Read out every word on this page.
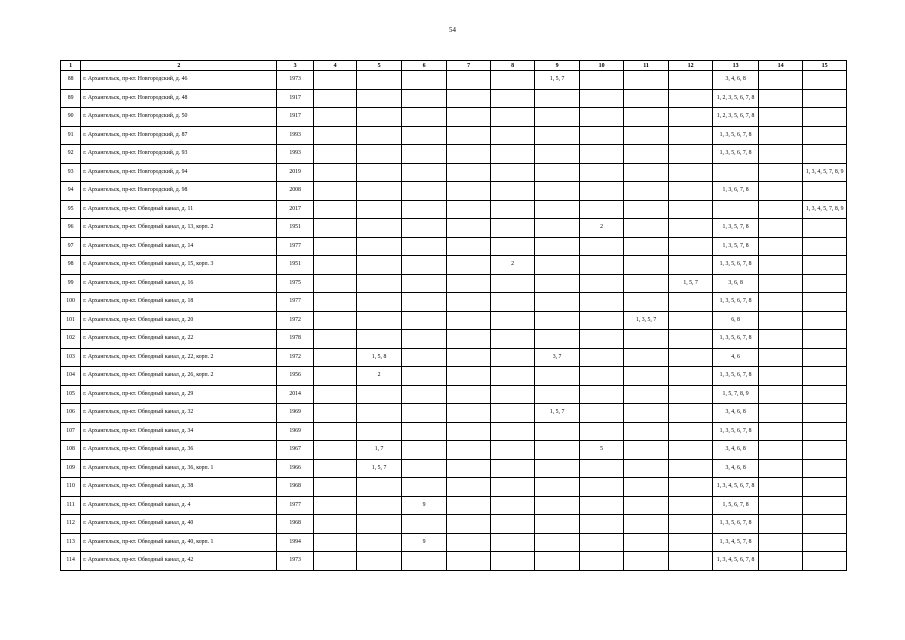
54
1	2	3	4	5	6	7	8	9	10	11	12	13	14	15
88	г. Архангельск, пр-кт. Новгородский, д. 46	1973						1, 5, 7				3, 4, 6, 8		
89	г. Архангельск, пр-кт. Новгородский, д. 48	1917										1, 2, 3, 5, 6, 7, 8		
90	г. Архангельск, пр-кт. Новгородский, д. 50	1917										1, 2, 3, 5, 6, 7, 8		
91	г. Архангельск, пр-кт. Новгородский, д. 87	1993										1, 3, 5, 6, 7, 8		
92	г. Архангельск, пр-кт. Новгородский, д. 93	1993										1, 3, 5, 6, 7, 8		
93	г. Архангельск, пр-кт. Новгородский, д. 94	2019												1, 3, 4, 5, 7, 8, 9
94	г. Архангельск, пр-кт. Новгородский, д. 98	2008										1, 3, 6, 7, 8		
95	г. Архангельск, пр-кт. Обводный канал, д. 11	2017												1, 3, 4, 5, 7, 8, 9
96	г. Архангельск, пр-кт. Обводный канал, д. 13, корп. 2	1951							2			1, 3, 5, 7, 8		
97	г. Архангельск, пр-кт. Обводный канал, д. 14	1977										1, 3, 5, 7, 8		
98	г. Архангельск, пр-кт. Обводный канал, д. 15, корп. 3	1951					2					1, 3, 5, 6, 7, 8		
99	г. Архангельск, пр-кт. Обводный канал, д. 16	1975									1, 5, 7	3, 6, 8		
100	г. Архангельск, пр-кт. Обводный канал, д. 18	1977										1, 3, 5, 6, 7, 8		
101	г. Архангельск, пр-кт. Обводный канал, д. 20	1972								1, 3, 5, 7		6, 8		
102	г. Архангельск, пр-кт. Обводный канал, д. 22	1978										1, 3, 5, 6, 7, 8		
103	г. Архангельск, пр-кт. Обводный канал, д. 22, корп. 2	1972		1, 5, 8				3, 7				4, 6		
104	г. Архангельск, пр-кт. Обводный канал, д. 26, корп. 2	1956		2								1, 3, 5, 6, 7, 8		
105	г. Архангельск, пр-кт. Обводный канал, д. 29	2014										1, 5, 7, 8, 9		
106	г. Архангельск, пр-кт. Обводный канал, д. 32	1969						1, 5, 7				3, 4, 6, 8		
107	г. Архангельск, пр-кт. Обводный канал, д. 34	1969										1, 3, 5, 6, 7, 8		
108	г. Архангельск, пр-кт. Обводный канал, д. 36	1967		1, 7					5			3, 4, 6, 8		
109	г. Архангельск, пр-кт. Обводный канал, д. 36, корп. 1	1966		1, 5, 7								3, 4, 6, 8		
110	г. Архангельск, пр-кт. Обводный канал, д. 38	1968										1, 3, 4, 5, 6, 7, 8		
111	г. Архангельск, пр-кт. Обводный канал, д. 4	1977			9							1, 5, 6, 7, 8		
112	г. Архангельск, пр-кт. Обводный канал, д. 40	1968										1, 3, 5, 6, 7, 8		
113	г. Архангельск, пр-кт. Обводный канал, д. 40, корп. 1	1994			9							1, 3, 4, 5, 7, 8		
114	г. Архангельск, пр-кт. Обводный канал, д. 42	1973										1, 3, 4, 5, 6, 7, 8		
